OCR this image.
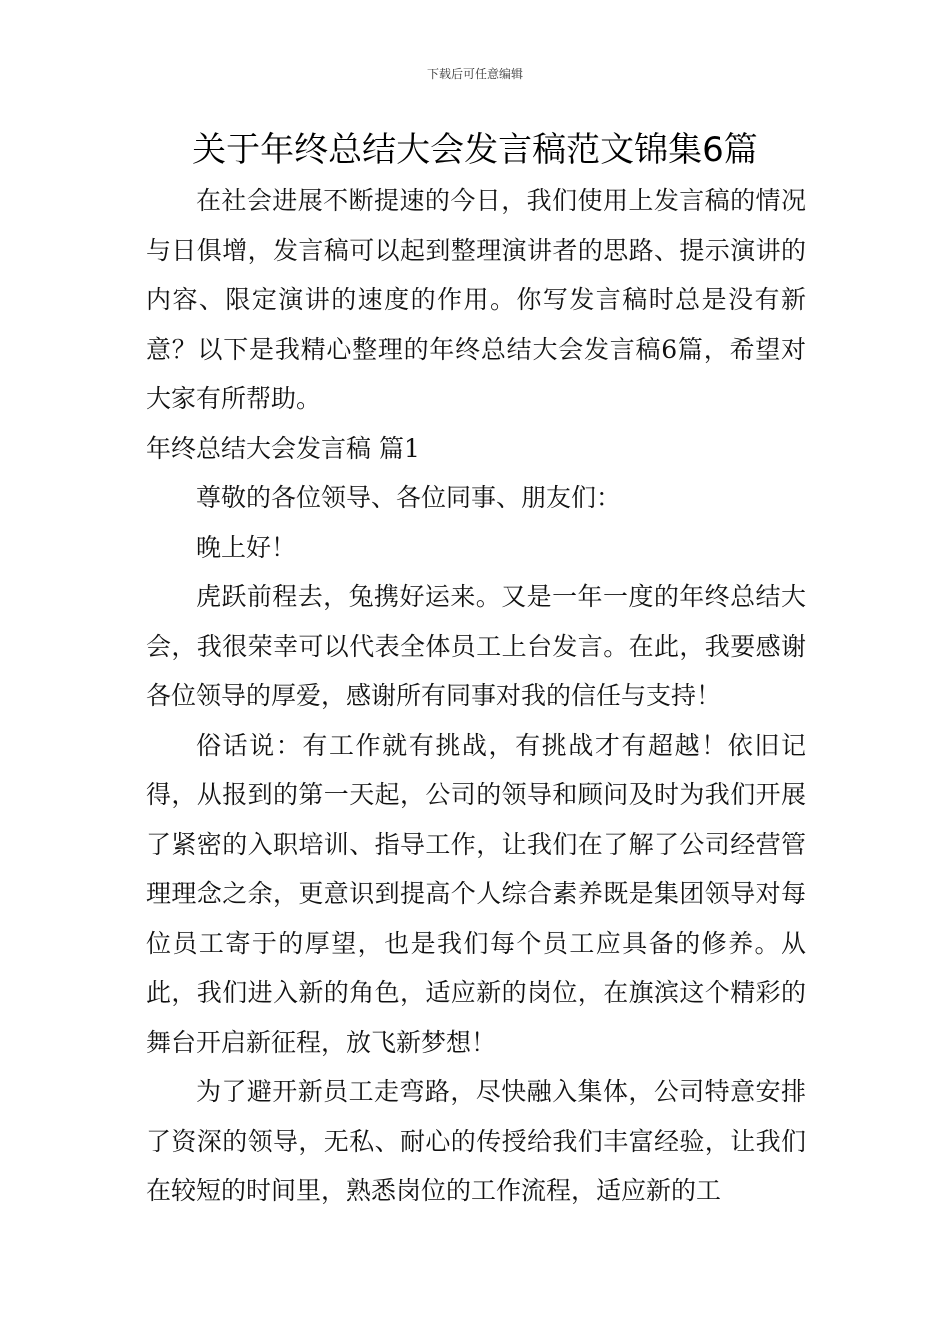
下载后可任意编辑
关于年终总结大会发言稿范文锦集6篇

在社会进展不断提速的今日，我们使用上发言稿的情况与日俱增，发言稿可以起到整理演讲者的思路、提示演讲的内容、限定演讲的速度的作用。你写发言稿时总是没有新意？以下是我精心整理的年终总结大会发言稿6篇，希望对大家有所帮助。

年终总结大会发言稿 篇1

尊敬的各位领导、各位同事、朋友们：

晚上好！

虎跃前程去，兔携好运来。又是一年一度的年终总结大会，我很荣幸可以代表全体员工上台发言。在此，我要感谢各位领导的厚爱，感谢所有同事对我的信任与支持！

俗话说：有工作就有挑战，有挑战才有超越！依旧记得，从报到的第一天起，公司的领导和顾问及时为我们开展了紧密的入职培训、指导工作，让我们在了解了公司经营管理理念之余，更意识到提高个人综合素养既是集团领导对每位员工寄于的厚望，也是我们每个员工应具备的修养。从此，我们进入新的角色，适应新的岗位，在旗滨这个精彩的舞台开启新征程，放飞新梦想！

为了避开新员工走弯路，尽快融入集体，公司特意安排了资深的领导，无私、耐心的传授给我们丰富经验，让我们在较短的时间里，熟悉岗位的工作流程，适应新的工
